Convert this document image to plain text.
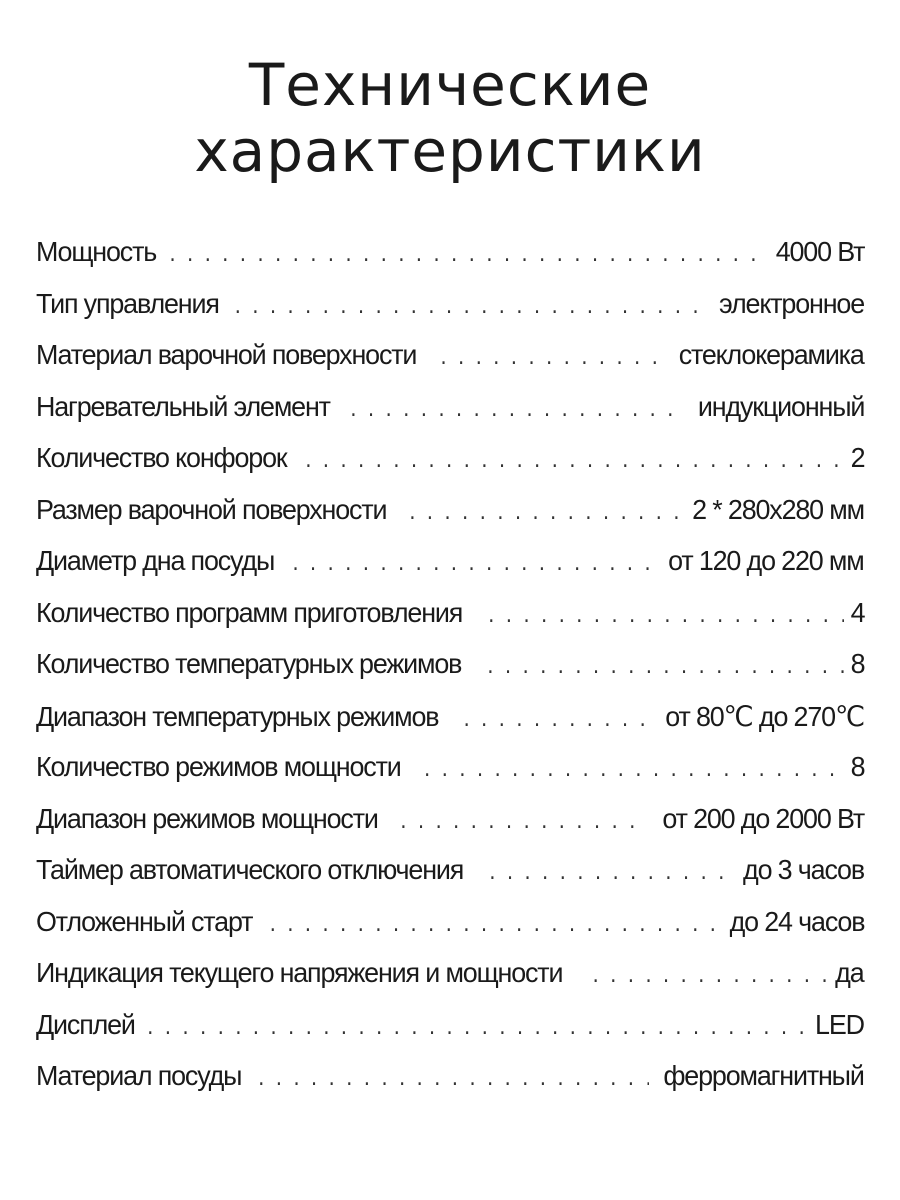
Технические
характеристики
Мощность . . .	4000 Вт
Тип управления . . .	электронное
Материал варочной поверхности . . .	стеклокерамика
Нагревательный элемент . . .	индукционный
Количество конфорок . . .	2
Размер варочной поверхности . . .	2 * 280х280 мм
Диаметр дна посуды . . .	от 120 до 220 мм
Количество программ приготовления . . .	4
Количество температурных режимов . . .	8
Диапазон температурных режимов . . .	от 80℃ до 270℃
Количество режимов мощности . . .	8
Диапазон режимов мощности . . .	от 200 до 2000 Вт
Таймер автоматического отключения . . .	до 3 часов
Отложенный старт . . .	до 24 часов
Индикация текущего напряжения и мощности . . .	да
Дисплей . . .	LED
Материал посуды . . .	ферромагнитный
